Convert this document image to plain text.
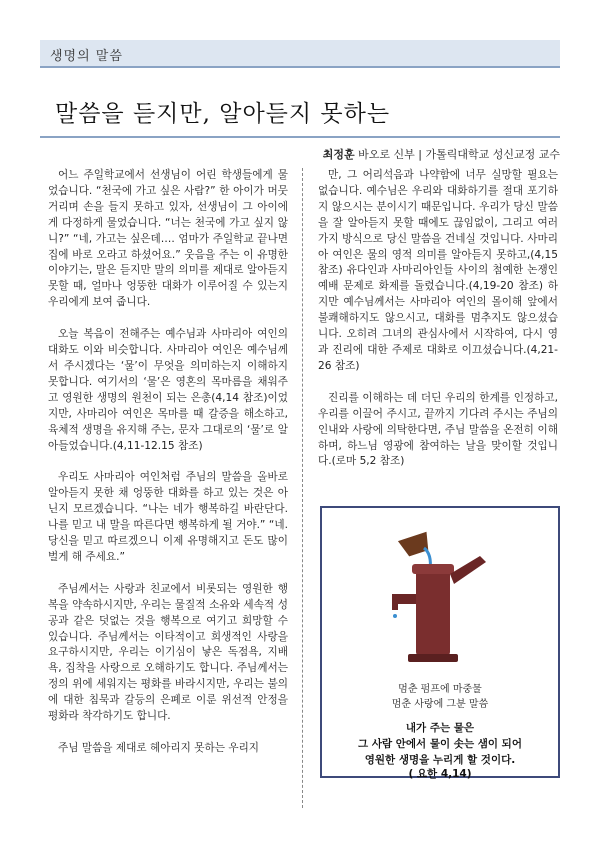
생명의 말씀
말씀을 듣지만, 알아듣지 못하는
최정훈 바오로 신부 | 가톨릭대학교 성신교정 교수

어느 주일학교에서 선생님이 어린 학생들에게 물었습니다. “천국에 가고 싶은 사람?” 한 아이가 머뭇거리며 손을 들지 못하고 있자, 선생님이 그 아이에게 다정하게 물었습니다. “너는 천국에 가고 싶지 않니?” “네, 가고는 싶은데…. 엄마가 주일학교 끝나면 집에 바로 오라고 하셨어요.” 웃음을 주는 이 유명한 이야기는, 말은 듣지만 말의 의미를 제대로 알아듣지 못할 때, 얼마나 엉뚱한 대화가 이루어질 수 있는지 우리에게 보여 줍니다.

오늘 복음이 전해주는 예수님과 사마리아 여인의 대화도 이와 비슷합니다. 사마리아 여인은 예수님께서 주시겠다는 ‘물’이 무엇을 의미하는지 이해하지 못합니다. 여기서의 ‘물’은 영혼의 목마름을 채워주고 영원한 생명의 원천이 되는 은총(4,14 참조)이었지만, 사마리아 여인은 목마를 때 갈증을 해소하고, 육체적 생명을 유지해 주는, 문자 그대로의 ‘물’로 알아들었습니다.(4,11-12.15 참조)

우리도 사마리아 여인처럼 주님의 말씀을 올바로 알아듣지 못한 채 엉뚱한 대화를 하고 있는 것은 아닌지 모르겠습니다. “나는 네가 행복하길 바란단다. 나를 믿고 내 말을 따른다면 행복하게 될 거야.” “네. 당신을 믿고 따르겠으니 이제 유명해지고 돈도 많이 벌게 해 주세요.”

주님께서는 사랑과 친교에서 비롯되는 영원한 행복을 약속하시지만, 우리는 물질적 소유와 세속적 성공과 같은 덧없는 것을 행복으로 여기고 희망할 수 있습니다. 주님께서는 이타적이고 희생적인 사랑을 요구하시지만, 우리는 이기심이 낳은 독점욕, 지배욕, 집착을 사랑으로 오해하기도 합니다. 주님께서는 정의 위에 세워지는 평화를 바라시지만, 우리는 불의에 대한 침묵과 갈등의 은폐로 이룬 위선적 안정을 평화라 착각하기도 합니다.

주님 말씀을 제대로 헤아리지 못하는 우리지

만, 그 어리석음과 나약함에 너무 실망할 필요는 없습니다. 예수님은 우리와 대화하기를 절대 포기하지 않으시는 분이시기 때문입니다. 우리가 당신 말씀을 잘 알아듣지 못할 때에도 끊임없이, 그리고 여러 가지 방식으로 당신 말씀을 건네실 것입니다. 사마리아 여인은 물의 영적 의미를 알아듣지 못하고,(4,15 참조) 유다인과 사마리아인들 사이의 첨예한 논쟁인 예배 문제로 화제를 돌렸습니다.(4,19-20 참조) 하지만 예수님께서는 사마리아 여인의 몰이해 앞에서 불쾌해하지도 않으시고, 대화를 멈추지도 않으셨습니다. 오히려 그녀의 관심사에서 시작하여, 다시 영과 진리에 대한 주제로 대화로 이끄셨습니다.(4,21-26 참조)

진리를 이해하는 데 더딘 우리의 한계를 인정하고, 우리를 이끌어 주시고, 끝까지 기다려 주시는 주님의 인내와 사랑에 의탁한다면, 주님 말씀을 온전히 이해하며, 하느님 영광에 참여하는 날을 맞이할 것입니다.(로마 5,2 참조)

멈춘 펌프에 마중물
멈춘 사랑에 그분 말씀
내가 주는 물은
그 사람 안에서 물이 솟는 샘이 되어
영원한 생명을 누리게 할 것이다.
( 요한 4,14)
